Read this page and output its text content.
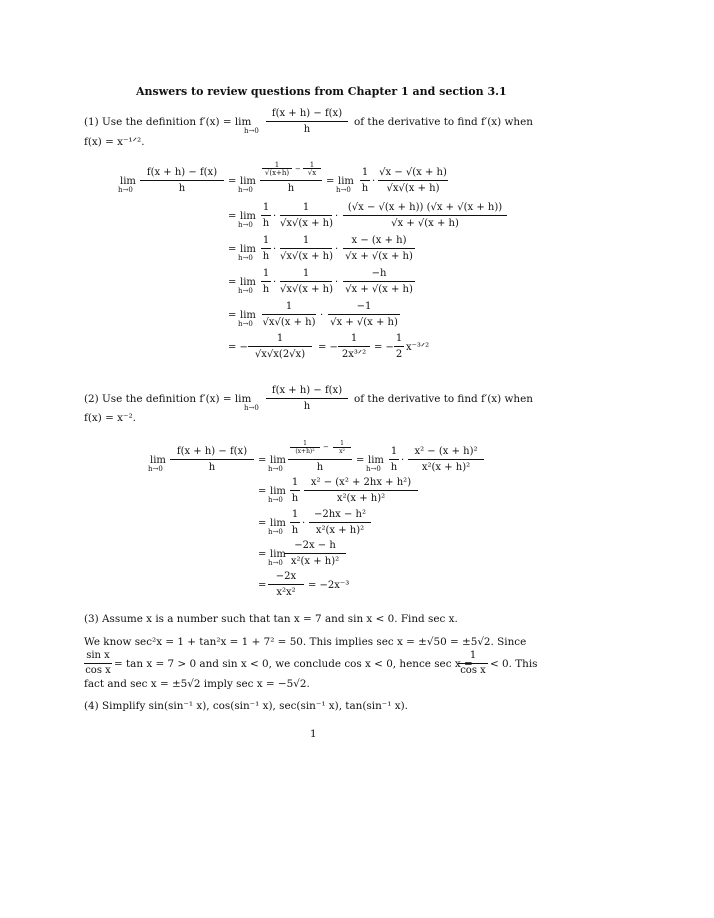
Answers to review questions from Chapter 1 and section 3.1
(1) Use the definition f′(x) = lim
h→0
f(x + h) − f(x)
h
of the derivative to find f′(x) when
f(x) = x⁻¹ᐟ².
lim
h→0
f(x + h) − f(x)
h
= lim
h→0
1
√(x+h) −	1
√x
h
= lim
h→0
1
h
·
√x − √(x + h)
√x√(x + h)
= lim
h→0
1
h
·
1
√x√(x + h)
·
(√x − √(x + h)) (√x + √(x + h))
√x + √(x + h)
= lim
h→0
1
h
·
1
√x√(x + h)
·
x − (x + h)
√x + √(x + h)
= lim
h→0
1
h
·
1
√x√(x + h)
·
−h
√x + √(x + h)
= lim
h→0
1
√x√(x + h)
·
−1
√x + √(x + h)
= −
1
√x√x(2√x)
= −
1
2x³ᐟ²
= −
1
2
x⁻³ᐟ²
(2) Use the definition f′(x) = lim
h→0
f(x + h) − f(x)
h
of the derivative to find f′(x) when
f(x) = x⁻².
lim
h→0
f(x + h) − f(x)
h
= lim
h→0
1
(x+h)²
−	1
x²
h
= lim
h→0
1
h
·
x² − (x + h)²
x²(x + h)²
= lim
h→0
1
h
x² − (x² + 2hx + h²)
x²(x + h)²
= lim
h→0
1
h
·
−2hx − h²
x²(x + h)²
= lim
h→0
−2x − h
x²(x + h)²
=
−2x
x²x²
= −2x⁻³
(3) Assume x is a number such that tan x = 7 and sin x < 0. Find sec x.
We know sec²x = 1 + tan²x = 1 + 7² = 50. This implies sec x = ±√50 = ±5√2. Since
sin x
cos x
= tan x = 7 > 0 and sin x < 0, we conclude cos x < 0, hence sec x =
1
cos x
< 0. This
fact and sec x = ±5√2 imply sec x = −5√2.
(4) Simplify sin(sin⁻¹ x), cos(sin⁻¹ x), sec(sin⁻¹ x), tan(sin⁻¹ x).
1
